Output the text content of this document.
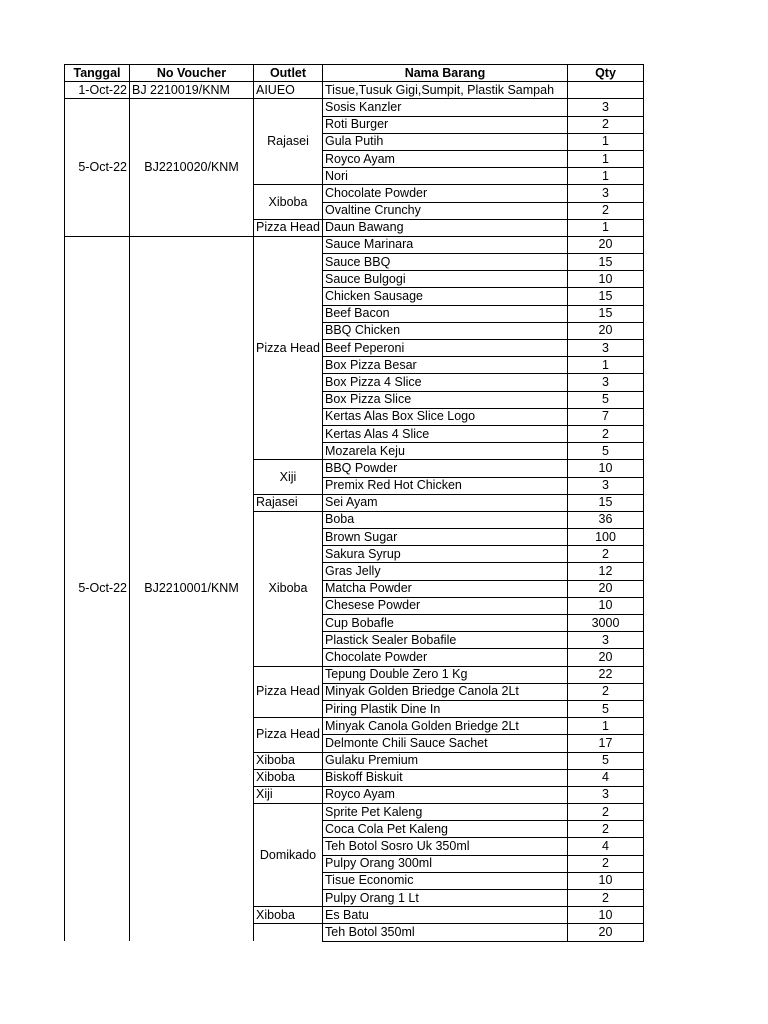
Tanggal	No Voucher	Outlet	Nama Barang	Qty
1-Oct-22	BJ 2210019/KNM	AIUEO	Tisue,Tusuk Gigi,Sumpit, Plastik Sampah	
5-Oct-22	BJ2210020/KNM	Rajasei	Sosis Kanzler	3
			Roti Burger	2
			Gula Putih	1
			Royco Ayam	1
			Nori	1
		Xiboba	Chocolate Powder	3
			Ovaltine Crunchy	2
		Pizza Head	Daun Bawang	1
5-Oct-22	BJ2210001/KNM	Pizza Head	Sauce Marinara	20
			Sauce BBQ	15
			Sauce Bulgogi	10
			Chicken Sausage	15
			Beef Bacon	15
			BBQ Chicken	20
			Beef Peperoni	3
			Box Pizza Besar	1
			Box Pizza 4 Slice	3
			Box Pizza Slice	5
			Kertas Alas Box Slice Logo	7
			Kertas Alas 4 Slice	2
			Mozarela Keju	5
		Xiji	BBQ Powder	10
			Premix Red Hot Chicken	3
		Rajasei	Sei Ayam	15
		Xiboba	Boba	36
			Brown Sugar	100
			Sakura Syrup	2
			Gras Jelly	12
			Matcha Powder	20
			Chesese Powder	10
			Cup Bobafle	3000
			Plastick Sealer Bobafile	3
			Chocolate Powder	20
		Pizza Head	Tepung Double Zero 1 Kg	22
			Minyak Golden Briedge Canola 2Lt	2
			Piring Plastik Dine In	5
		Pizza Head	Minyak Canola Golden Briedge 2Lt	1
			Delmonte Chili Sauce Sachet	17
		Xiboba	Gulaku Premium	5
		Xiboba	Biskoff Biskuit	4
		Xiji	Royco Ayam	3
		Domikado	Sprite Pet Kaleng	2
			Coca Cola Pet Kaleng	2
			Teh Botol Sosro Uk 350ml	4
			Pulpy Orang 300ml	2
			Tisue Economic	10
			Pulpy Orang 1 Lt	2
		Xiboba	Es Batu	10
			Teh Botol 350ml	20
